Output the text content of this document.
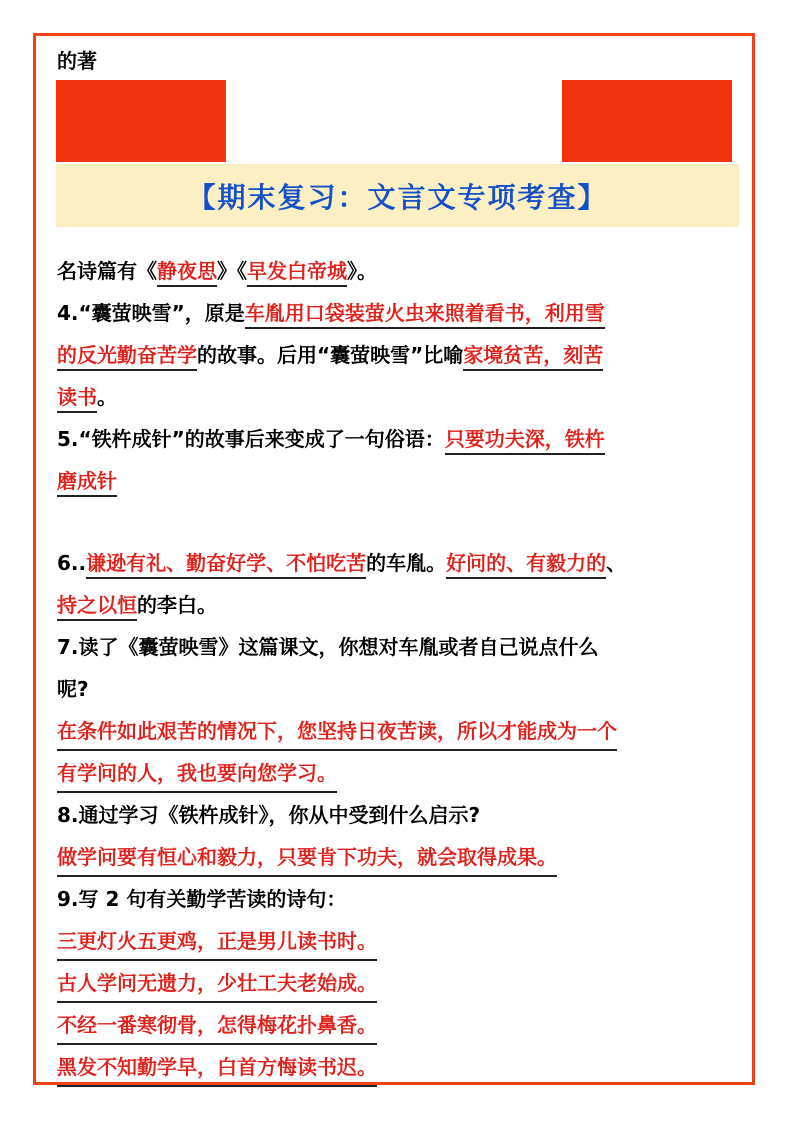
的著
【期末复习：文言文专项考查】
名诗篇有《静夜思》《早发白帝城》。
4.“囊萤映雪”，原是车胤用口袋装萤火虫来照着看书，利用雪
的反光勤奋苦学的故事。后用“囊萤映雪”比喻家境贫苦，刻苦
读书。
5.“铁杵成针”的故事后来变成了一句俗语：只要功夫深，铁杵
磨成针
6..谦逊有礼、勤奋好学、不怕吃苦的车胤。好问的、有毅力的、
持之以恒的李白。
7.读了《囊萤映雪》这篇课文，你想对车胤或者自己说点什么
呢?
在条件如此艰苦的情况下，您坚持日夜苦读，所以才能成为一个
有学问的人，我也要向您学习。
8.通过学习《铁杵成针》，你从中受到什么启示?
做学问要有恒心和毅力，只要肯下功夫，就会取得成果。
9.写 2 句有关勤学苦读的诗句：
三更灯火五更鸡，正是男儿读书时。
古人学问无遗力，少壮工夫老始成。
不经一番寒彻骨，怎得梅花扑鼻香。
黑发不知勤学早，白首方悔读书迟。
